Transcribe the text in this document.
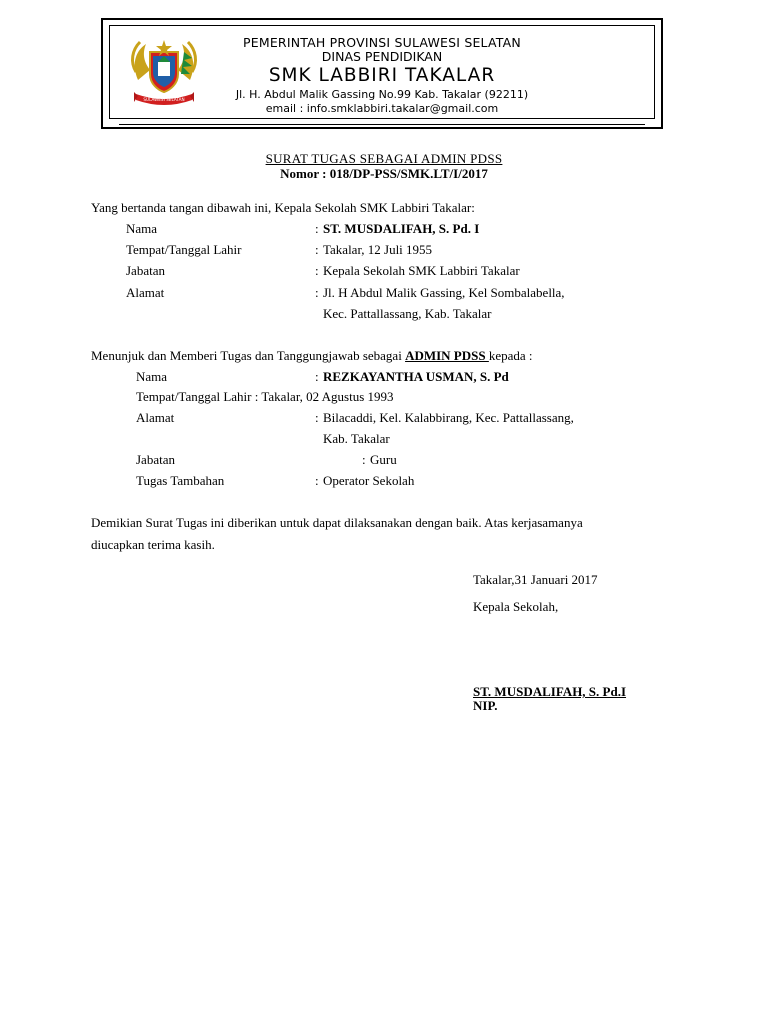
SULAWESI SELATAN
PEMERINTAH PROVINSI SULAWESI SELATAN
DINAS PENDIDIKAN
SMK LABBIRI TAKALAR
Jl. H. Abdul Malik Gassing No.99 Kab. Takalar (92211)
email : info.smklabbiri.takalar@gmail.com
SURAT TUGAS SEBAGAI ADMIN PDSS
Nomor : 018/DP-PSS/SMK.LT/I/2017
Yang bertanda tangan dibawah ini, Kepala Sekolah SMK Labbiri Takalar:
Nama	: ST. MUSDALIFAH, S. Pd. I
Tempat/Tanggal Lahir	: Takalar, 12 Juli 1955
Jabatan	: Kepala Sekolah SMK Labbiri Takalar
Alamat	: Jl. H Abdul Malik Gassing, Kel Sombalabella,
Kec. Pattallassang, Kab. Takalar
Menunjuk dan Memberi Tugas dan Tanggungjawab sebagai ADMIN PDSS kepada :
Nama	: REZKAYANTHA USMAN, S. Pd
Tempat/Tanggal Lahir : Takalar, 02 Agustus 1993
Alamat	: Bilacaddi, Kel. Kalabbirang, Kec. Pattallassang,
Kab. Takalar
Jabatan	: Guru
Tugas Tambahan	: Operator Sekolah
Demikian Surat Tugas ini diberikan untuk dapat dilaksanakan dengan baik. Atas kerjasamanya
diucapkan terima kasih.
Takalar,31 Januari 2017
Kepala Sekolah,
ST. MUSDALIFAH, S. Pd.I
NIP.
